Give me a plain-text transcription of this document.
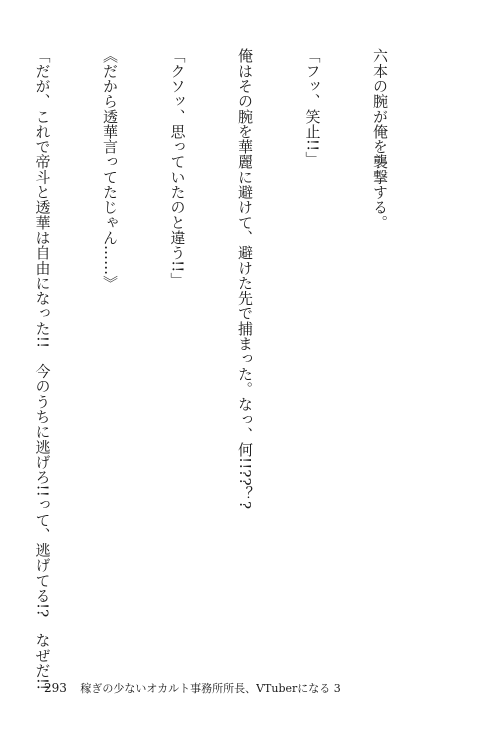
六本の腕が俺を襲撃する。

「フッ、笑止!!」

俺はその腕を華麗に避けて、避けた先で捕まった。なっ、何!!??？?

「クソッ、思っていたのと違う!!」

《だから透華言ってたじゃん……》

「だが、これで帝斗と透華は自由になった!!　今のうちに逃げろ!!って、逃げてる!?　なぜだ!!

293 稼ぎの少ないオカルト事務所所長、VTuberになる 3
